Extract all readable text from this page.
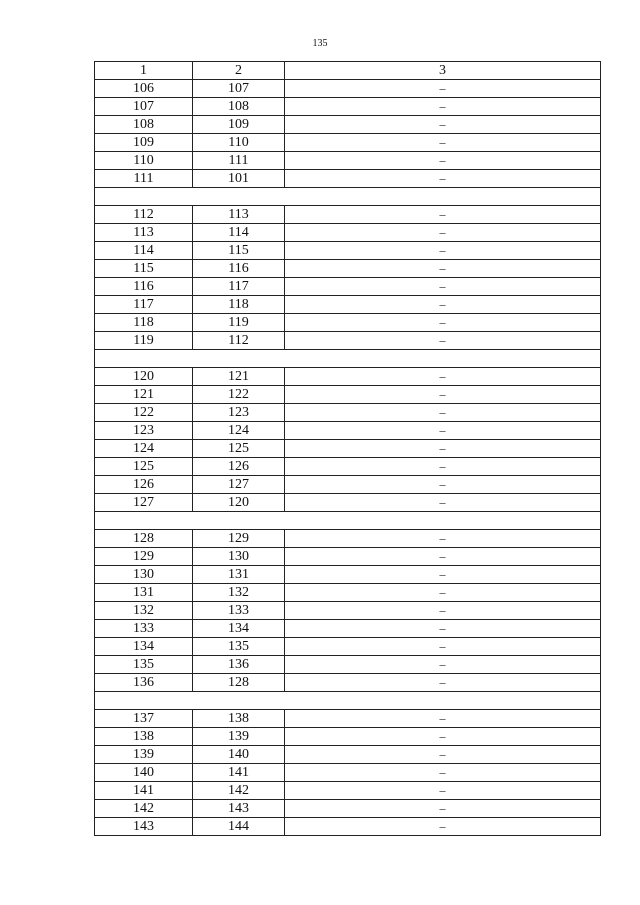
135
1	2	3
106	107	–
107	108	–
108	109	–
109	110	–
110	111	–
111	101	–
112	113	–
113	114	–
114	115	–
115	116	–
116	117	–
117	118	–
118	119	–
119	112	–
120	121	–
121	122	–
122	123	–
123	124	–
124	125	–
125	126	–
126	127	–
127	120	–
128	129	–
129	130	–
130	131	–
131	132	–
132	133	–
133	134	–
134	135	–
135	136	–
136	128	–
137	138	–
138	139	–
139	140	–
140	141	–
141	142	–
142	143	–
143	144	–
